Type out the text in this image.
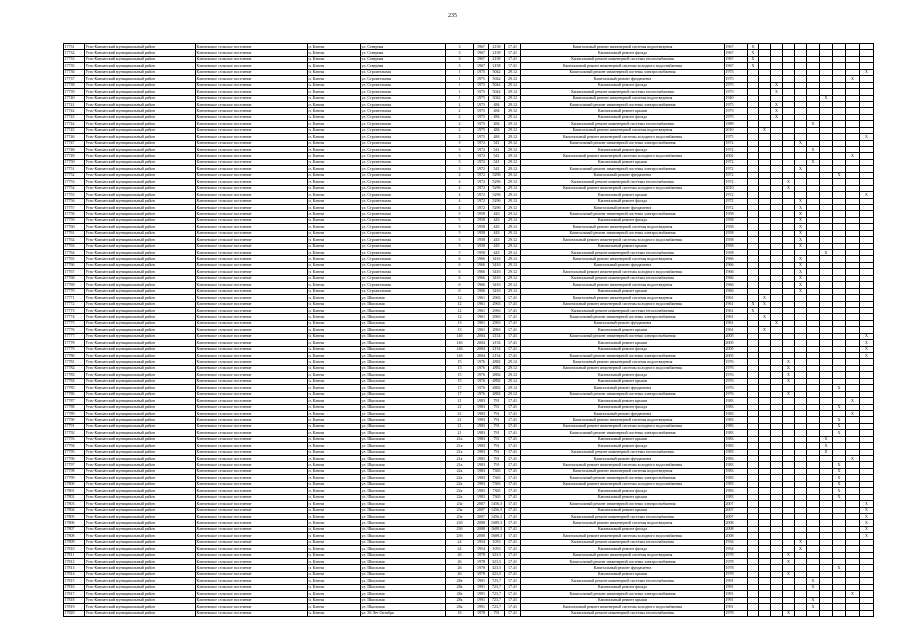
235
17731	Усть-Камчатский муниципальный район	Ключевское сельское поселение	п. Ключи	ул. Северная	3	1967	2158	17.41	Капитальный ремонт инженерной системы водоотведения	1967	X									
17732	Усть-Камчатский муниципальный район	Ключевское сельское поселение	п. Ключи	ул. Северная	3	1967	2158	17.41	Капитальный ремонт фасада	1967	X									
17733	Усть-Камчатский муниципальный район	Ключевское сельское поселение	п. Ключи	ул. Северная	3	1967	2158	17.41	Капитальный ремонт инженерной системы теплоснабжения	1967	X									
17735	Усть-Камчатский муниципальный район	Ключевское сельское поселение	п. Ключи	ул. Северная	3	1967	2158	17.41	Капитальный ремонт инженерной системы холодного водоснабжения	1967	X									
17736	Усть-Камчатский муниципальный район	Ключевское сельское поселение	п. Ключи	ул. Строительная	1	1975	5042	29.12	Капитальный ремонт инженерной системы электроснабжения	1975										X
17737	Усть-Камчатский муниципальный район	Ключевское сельское поселение	п. Ключи	ул. Строительная	1	1975	5042	29.12	Капитальный ремонт фундамента	1975									X	
17738	Усть-Камчатский муниципальный район	Ключевское сельское поселение	п. Ключи	ул. Строительная	1	1975	5042	29.12	Капитальный ремонт фасада	1975			X							
17739	Усть-Камчатский муниципальный район	Ключевское сельское поселение	п. Ключи	ул. Строительная	1	1975	5042	29.12	Капитальный ремонт инженерной системы теплоснабжения	1975			X							
17740	Усть-Камчатский муниципальный район	Ключевское сельское поселение	п. Ключи	ул. Строительная	1	1975	5042	29.12	Капитальный ремонт инженерной системы водоотведения	1940							X			
17741	Усть-Камчатский муниципальный район	Ключевское сельское поселение	п. Ключи	ул. Строительная	2	1975	484	29.12	Капитальный ремонт инженерной системы электроснабжения	1975			X							
17742	Усть-Камчатский муниципальный район	Ключевское сельское поселение	п. Ключи	ул. Строительная	2	1975	484	29.12	Капитальный ремонт крыши	1975			X							
17743	Усть-Камчатский муниципальный район	Ключевское сельское поселение	п. Ключи	ул. Строительная	2	1975	484	29.12	Капитальный ремонт фасада	1975			X							
17744	Усть-Камчатский муниципальный район	Ключевское сельское поселение	п. Ключи	ул. Строительная	2	1975	484	29.12	Капитальный ремонт инженерной системы теплоснабжения	1989						X				
17745	Усть-Камчатский муниципальный район	Ключевское сельское поселение	п. Ключи	ул. Строительная	2	1975	484	29.12	Капитальный ремонт инженерной системы водоотведения	2010		X								
17746	Усть-Камчатский муниципальный район	Ключевское сельское поселение	п. Ключи	ул. Строительная	2	1975	484	29.12	Капитальный ремонт инженерной системы холодного водоснабжения	1975										X
17747	Усть-Камчатский муниципальный район	Ключевское сельское поселение	п. Ключи	ул. Строительная	3	1972	541	29.12	Капитальный ремонт инженерной системы электроснабжения	1972					X					
17748	Усть-Камчатский муниципальный район	Ключевское сельское поселение	п. Ключи	ул. Строительная	3	1972	541	29.12	Капитальный ремонт фасада	1972						X				
17749	Усть-Камчатский муниципальный район	Ключевское сельское поселение	п. Ключи	ул. Строительная	3	1972	541	29.12	Капитальный ремонт инженерной системы холодного водоснабжения	2002									X	
17750	Усть-Камчатский муниципальный район	Ключевское сельское поселение	п. Ключи	ул. Строительная	3	1972	541	29.12	Капитальный ремонт крыши	1972						X				
17751	Усть-Камчатский муниципальный район	Ключевское сельское поселение	п. Ключи	ул. Строительная	3	1972	541	29.12	Капитальный ремонт инженерной системы электроснабжения	1972					X					
17752	Усть-Камчатский муниципальный район	Ключевское сельское поселение	п. Ключи	ул. Строительная	4	1972	5296	29.12	Капитальный ремонт фундамента	1972								X		
17753	Усть-Камчатский муниципальный район	Ключевское сельское поселение	п. Ключи	ул. Строительная	4	1972	5296	29.12	Капитальный ремонт инженерной системы теплоснабжения	1972				X						
17754	Усть-Камчатский муниципальный район	Ключевское сельское поселение	п. Ключи	ул. Строительная	4	1972	5296	29.12	Капитальный ремонт инженерной системы холодного водоснабжения	2010				X						
17755	Усть-Камчатский муниципальный район	Ключевское сельское поселение	п. Ключи	ул. Строительная	4	1972	5296	29.12	Капитальный ремонт крыши	1972										X
17756	Усть-Камчатский муниципальный район	Ключевское сельское поселение	п. Ключи	ул. Строительная	4	1972	5296	29.12	Капитальный ремонт фасада	1972					X					
17757	Усть-Камчатский муниципальный район	Ключевское сельское поселение	п. Ключи	ул. Строительная	4	1972	5296	29.12	Капитальный ремонт фундамента	1972					X					
17758	Усть-Камчатский муниципальный район	Ключевское сельское поселение	п. Ключи	ул. Строительная	5	1958	443	29.12	Капитальный ремонт инженерной системы электроснабжения	1958					X					
17759	Усть-Камчатский муниципальный район	Ключевское сельское поселение	п. Ключи	ул. Строительная	5	1958	443	29.12	Капитальный ремонт фасада	1958					X					
17760	Усть-Камчатский муниципальный район	Ключевское сельское поселение	п. Ключи	ул. Строительная	5	1958	443	29.12	Капитальный ремонт инженерной системы водоотведения	1958					X					
17761	Усть-Камчатский муниципальный район	Ключевское сельское поселение	п. Ключи	ул. Строительная	5	1958	443	29.12	Капитальный ремонт инженерной системы электроснабжения	1958					X					
17762	Усть-Камчатский муниципальный район	Ключевское сельское поселение	п. Ключи	ул. Строительная	5	1958	443	29.12	Капитальный ремонт инженерной системы холодного водоснабжения	1958					X					
17763	Усть-Камчатский муниципальный район	Ключевское сельское поселение	п. Ключи	ул. Строительная	5	1958	443	29.12	Капитальный ремонт крыши	1958					X					
17764	Усть-Камчатский муниципальный район	Ключевское сельское поселение	п. Ключи	ул. Строительная	5	1958	443	29.12	Капитальный ремонт инженерной системы теплоснабжения	1958							X			
17765	Усть-Камчатский муниципальный район	Ключевское сельское поселение	п. Ключи	ул. Строительная	6	1966	3416	29.12	Капитальный ремонт инженерной системы водоотведения	1966					X					
17766	Усть-Камчатский муниципальный район	Ключевское сельское поселение	п. Ключи	ул. Строительная	6	1966	3416	29.12	Капитальный ремонт фундамента	1966					X					
17767	Усть-Камчатский муниципальный район	Ключевское сельское поселение	п. Ключи	ул. Строительная	6	1966	3416	29.12	Капитальный ремонт инженерной системы холодного водоснабжения	1966					X					
17768	Усть-Камчатский муниципальный район	Ключевское сельское поселение	п. Ключи	ул. Строительная	6	1966	3416	29.12	Капитальный ремонт инженерной системы теплоснабжения	1966					X					
17769	Усть-Камчатский муниципальный район	Ключевское сельское поселение	п. Ключи	ул. Строительная	6	1966	3416	29.12	Капитальный ремонт инженерной системы водоотведения	1966					X					
17770	Усть-Камчатский муниципальный район	Ключевское сельское поселение	п. Ключи	ул. Строительная	6	1966	3416	29.12	Капитальный ремонт крыши	1966					X					
17771	Усть-Камчатский муниципальный район	Ключевское сельское поселение	п. Ключи	ул. Школьная	12	1961	2963	17.41	Капитальный ремонт инженерной системы водоотведения	1961		X								
17772	Усть-Камчатский муниципальный район	Ключевское сельское поселение	п. Ключи	ул. Школьная	12	1961	2963	17.41	Капитальный ремонт инженерной системы холодного водоснабжения	1961	X	X								
17773	Усть-Камчатский муниципальный район	Ключевское сельское поселение	п. Ключи	ул. Школьная	12	1961	2963	17.41	Капитальный ремонт инженерной системы теплоснабжения	1961	X									
17774	Усть-Камчатский муниципальный район	Ключевское сельское поселение	п. Ключи	ул. Школьная	12	1961	2963	17.41	Капитальный ремонт инженерной системы электроснабжения	1961		X								
17775	Усть-Камчатский муниципальный район	Ключевское сельское поселение	п. Ключи	ул. Школьная	13	1961	2963	17.41	Капитальный ремонт фундамента	1961			X							
17776	Усть-Камчатский муниципальный район	Ключевское сельское поселение	п. Ключи	ул. Школьная	13	1961	2963	17.41	Капитальный ремонт крыши	1961		X								
17777	Усть-Камчатский муниципальный район	Ключевское сельское поселение	п. Ключи	ул. Школьная	14б	2004	2154	17.41	Капитальный ремонт инженерной системы электроснабжения	2005										X
17778	Усть-Камчатский муниципальный район	Ключевское сельское поселение	п. Ключи	ул. Школьная	14б	2004	2154	17.41	Капитальный ремонт крыши	2005										X
17779	Усть-Камчатский муниципальный район	Ключевское сельское поселение	п. Ключи	ул. Школьная	14б	2004	2154	17.41	Капитальный ремонт фасада	2005										X
17780	Усть-Камчатский муниципальный район	Ключевское сельское поселение	п. Ключи	ул. Школьная	14б	2004	2154	17.41	Капитальный ремонт инженерной системы электроснабжения	2005										X
17781	Усть-Камчатский муниципальный район	Ключевское сельское поселение	п. Ключи	ул. Школьная	15	1976	4882	29.12	Капитальный ремонт инженерной системы водоотведения	1976				X						
17782	Усть-Камчатский муниципальный район	Ключевское сельское поселение	п. Ключи	ул. Школьная	15	1976	4882	29.12	Капитальный ремонт инженерной системы холодного водоснабжения	1976				X						
17783	Усть-Камчатский муниципальный район	Ключевское сельское поселение	п. Ключи	ул. Школьная	15	1976	4882	29.12	Капитальный ремонт фасада	1976				X						
17784	Усть-Камчатский муниципальный район	Ключевское сельское поселение	п. Ключи	ул. Школьная	15	1976	4882	29.12	Капитальный ремонт крыши	1976				X						
17785	Усть-Камчатский муниципальный район	Ключевское сельское поселение	п. Ключи	ул. Школьная	17	1976	4882	29.12	Капитальный ремонт фундамента	1976								X		
17786	Усть-Камчатский муниципальный район	Ключевское сельское поселение	п. Ключи	ул. Школьная	17	1976	4882	29.12	Капитальный ремонт инженерной системы электроснабжения	1976				X						
17787	Усть-Камчатский муниципальный район	Ключевское сельское поселение	п. Ключи	ул. Школьная	21	1983	791	17.41	Капитальный ремонт крыши	1983									X	
17788	Усть-Камчатский муниципальный район	Ключевское сельское поселение	п. Ключи	ул. Школьная	21	1983	791	17.41	Капитальный ремонт фасада	1983								X		
17789	Усть-Камчатский муниципальный район	Ключевское сельское поселение	п. Ключи	ул. Школьная	21	1983	791	17.41	Капитальный ремонт фундамента	1983									X	
17790	Усть-Камчатский муниципальный район	Ключевское сельское поселение	п. Ключи	ул. Школьная	21	1983	791	17.41	Капитальный ремонт инженерной системы водоотведения	1983								X		
17791	Усть-Камчатский муниципальный район	Ключевское сельское поселение	п. Ключи	ул. Школьная	21	1983	791	17.41	Капитальный ремонт инженерной системы холодного водоснабжения	1983								X		
17792	Усть-Камчатский муниципальный район	Ключевское сельское поселение	п. Ключи	ул. Школьная	21	1983	791	17.41	Капитальный ремонт инженерной системы электроснабжения	1983								X		
17793	Усть-Камчатский муниципальный район	Ключевское сельское поселение	п. Ключи	ул. Школьная	21а	1983	791	17.41	Капитальный ремонт крыши	1983							X			
17794	Усть-Камчатский муниципальный район	Ключевское сельское поселение	п. Ключи	ул. Школьная	21а	1983	791	17.41	Капитальный ремонт фасада	1983							X			
17795	Усть-Камчатский муниципальный район	Ключевское сельское поселение	п. Ключи	ул. Школьная	21а	1983	791	17.41	Капитальный ремонт инженерной системы теплоснабжения	1983							X			
17796	Усть-Камчатский муниципальный район	Ключевское сельское поселение	п. Ключи	ул. Школьная	21а	1983	791	17.41	Капитальный ремонт фундамента	1983									X	
17797	Усть-Камчатский муниципальный район	Ключевское сельское поселение	п. Ключи	ул. Школьная	21а	1983	791	17.41	Капитальный ремонт инженерной системы холодного водоснабжения	1983								X		
17798	Усть-Камчатский муниципальный район	Ключевское сельское поселение	п. Ключи	ул. Школьная	22а	1983	7365	17.41	Капитальный ремонт инженерной системы водоотведения	1983								X		
17799	Усть-Камчатский муниципальный район	Ключевское сельское поселение	п. Ключи	ул. Школьная	22а	1983	7365	17.41	Капитальный ремонт инженерной системы электроснабжения	1983								X		
17800	Усть-Камчатский муниципальный район	Ключевское сельское поселение	п. Ключи	ул. Школьная	22а	1983	7365	17.41	Капитальный ремонт инженерной системы холодного водоснабжения	1983								X		
17801	Усть-Камчатский муниципальный район	Ключевское сельское поселение	п. Ключи	ул. Школьная	22а	1983	7365	17.41	Капитальный ремонт фасада	1983								X		
17802	Усть-Камчатский муниципальный район	Ключевское сельское поселение	п. Ключи	ул. Школьная	22а	1983	7365	17.41	Капитальный ремонт крыши	1983								X		
17803	Усть-Камчатский муниципальный район	Ключевское сельское поселение	п. Ключи	ул. Школьная	23а	2007	1456,3	17.41	Капитальный ремонт инженерной системы электроснабжения	2007										X
17804	Усть-Камчатский муниципальный район	Ключевское сельское поселение	п. Ключи	ул. Школьная	23а	2007	1456,3	17.41	Капитальный ремонт крыши	2007										X
17805	Усть-Камчатский муниципальный район	Ключевское сельское поселение	п. Ключи	ул. Школьная	23а	2007	1456,3	17.41	Капитальный ремонт инженерной системы теплоснабжения	2007										X
17806	Усть-Камчатский муниципальный район	Ключевское сельское поселение	п. Ключи	ул. Школьная	23б	2008	1689,3	17.41	Капитальный ремонт инженерной системы водоотведения	2008										X
17807	Усть-Камчатский муниципальный район	Ключевское сельское поселение	п. Ключи	ул. Школьная	23б	2008	1689,3	17.41	Капитальный ремонт фасада	2008										X
17808	Усть-Камчатский муниципальный район	Ключевское сельское поселение	п. Ключи	ул. Школьная	23б	2008	1689,3	17.41	Капитальный ремонт инженерной системы холодного водоснабжения	2008										X
17809	Усть-Камчатский муниципальный район	Ключевское сельское поселение	п. Ключи	ул. Школьная	24	1954	1053	17.41	Капитальный ремонт инженерной системы теплоснабжения	1954					X					
17810	Усть-Камчатский муниципальный район	Ключевское сельское поселение	п. Ключи	ул. Школьная	24	1954	1053	17.41	Капитальный ремонт фасада	1954					X					
17811	Усть-Камчатский муниципальный район	Ключевское сельское поселение	п. Ключи	ул. Школьная	26	1978	323,5	17.41	Капитальный ремонт инженерной системы водоотведения	1978				X						
17812	Усть-Камчатский муниципальный район	Ключевское сельское поселение	п. Ключи	ул. Школьная	26	1978	323,5	17.41	Капитальный ремонт инженерной системы электроснабжения	1978				X						
17813	Усть-Камчатский муниципальный район	Ключевское сельское поселение	п. Ключи	ул. Школьная	26	1978	323,5	17.41	Капитальный ремонт фундамента	1978								X		
17814	Усть-Камчатский муниципальный район	Ключевское сельское поселение	п. Ключи	ул. Школьная	26	1978	323,5	17.41	Капитальный ремонт крыши	1978				X						
17815	Усть-Камчатский муниципальный район	Ключевское сельское поселение	п. Ключи	ул. Школьная	28а	1991	723,7	17.41	Капитальный ремонт инженерной системы теплоснабжения	1991						X				
17816	Усть-Камчатский муниципальный район	Ключевское сельское поселение	п. Ключи	ул. Школьная	28а	1991	723,7	17.41	Капитальный ремонт фасада	1991						X				
17817	Усть-Камчатский муниципальный район	Ключевское сельское поселение	п. Ключи	ул. Школьная	28а	1991	723,7	17.41	Капитальный ремонт инженерной системы электроснабжения	1991									X	
17818	Усть-Камчатский муниципальный район	Ключевское сельское поселение	п. Ключи	ул. Школьная	28а	1991	723,7	17.41	Капитальный ремонт крыши	1991						X				
17819	Усть-Камчатский муниципальный район	Ключевское сельское поселение	п. Ключи	ул. Школьная	28а	1991	723,7	17.41	Капитальный ремонт инженерной системы холодного водоснабжения	1991						X				
17820	Усть-Камчатский муниципальный район	Ключевское сельское поселение	п. Ключи	ул. 50 Лет Октября	16	1978	791	17.41	Капитальный ремонт инженерной системы теплоснабжения	1978				X						
